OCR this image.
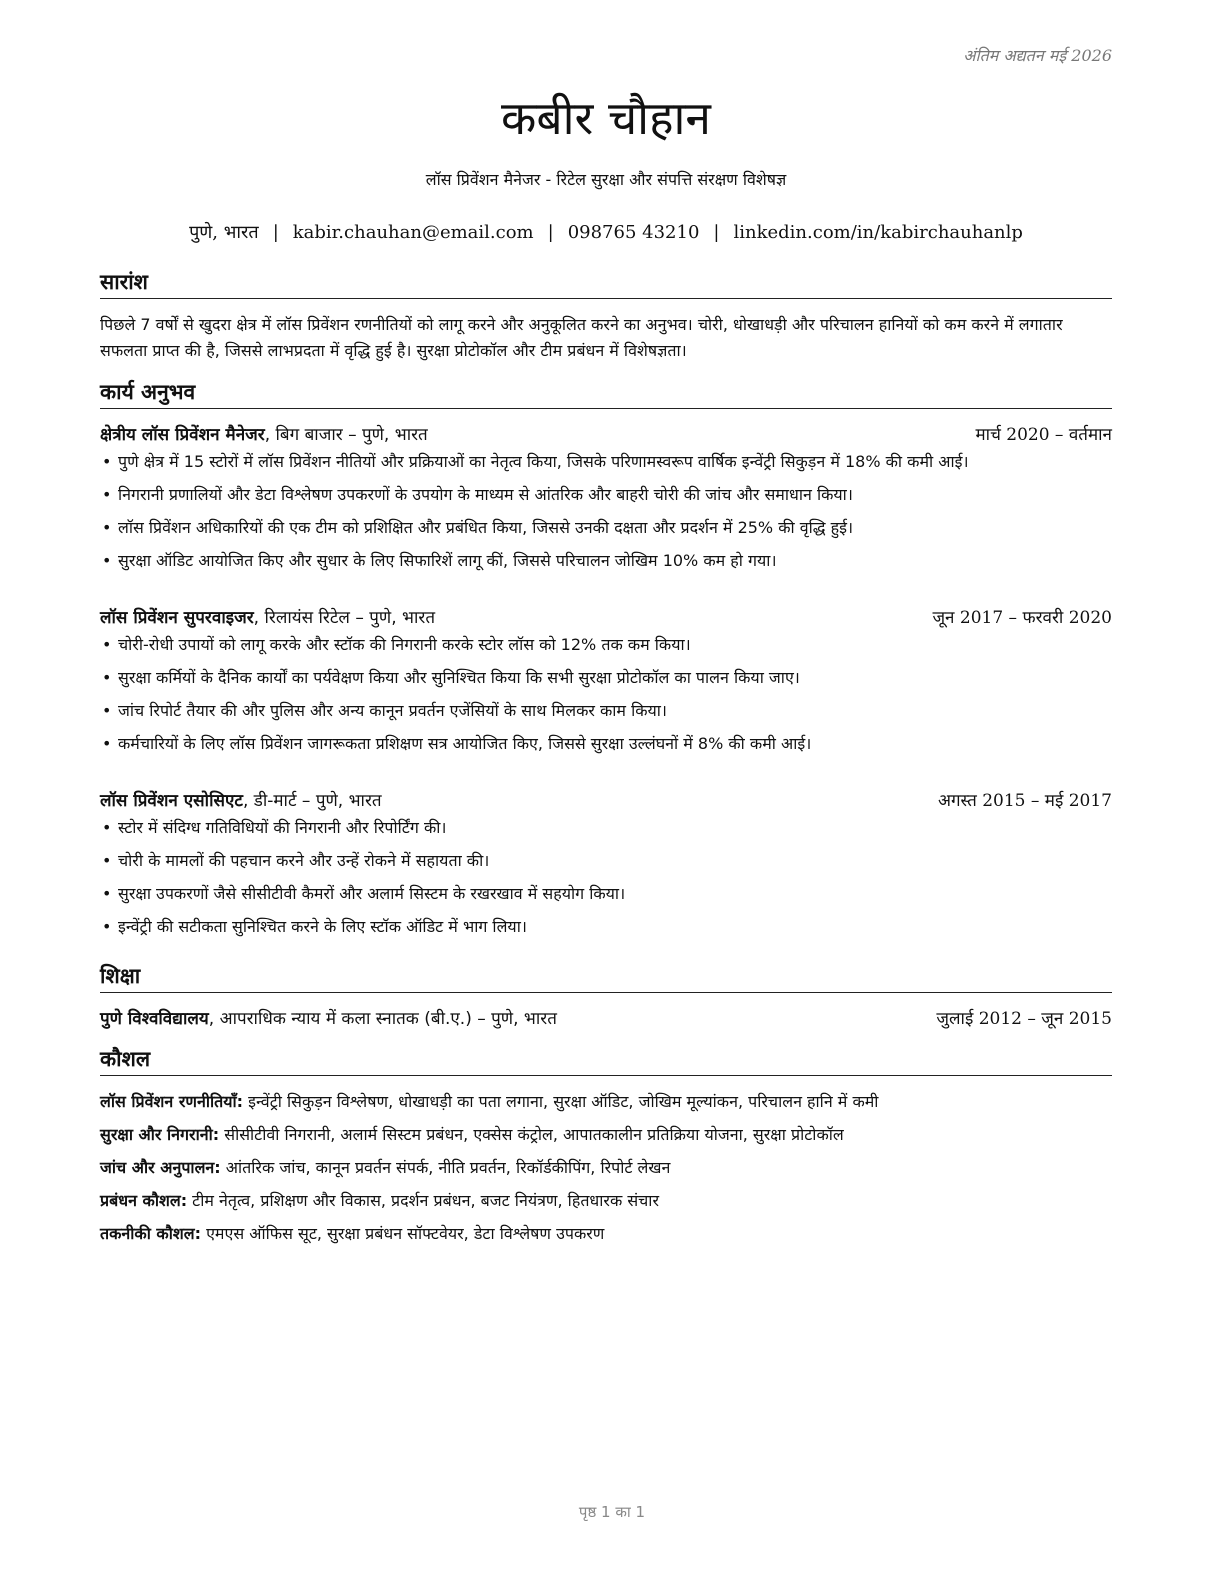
अंतिम अद्यतन मई 2026
कबीर चौहान
लॉस प्रिवेंशन मैनेजर - रिटेल सुरक्षा और संपत्ति संरक्षण विशेषज्ञ
पुणे, भारत | kabir.chauhan@email.com | 098765 43210 | linkedin.com/in/kabirchauhanlp
सारांश
पिछले 7 वर्षों से खुदरा क्षेत्र में लॉस प्रिवेंशन रणनीतियों को लागू करने और अनुकूलित करने का अनुभव। चोरी, धोखाधड़ी और परिचालन हानियों को कम करने में लगातार सफलता प्राप्त की है, जिससे लाभप्रदता में वृद्धि हुई है। सुरक्षा प्रोटोकॉल और टीम प्रबंधन में विशेषज्ञता।
कार्य अनुभव
क्षेत्रीय लॉस प्रिवेंशन मैनेजर, बिग बाजार – पुणे, भारत	मार्च 2020 – वर्तमान
• पुणे क्षेत्र में 15 स्टोरों में लॉस प्रिवेंशन नीतियों और प्रक्रियाओं का नेतृत्व किया, जिसके परिणामस्वरूप वार्षिक इन्वेंट्री सिकुड़न में 18% की कमी आई।
• निगरानी प्रणालियों और डेटा विश्लेषण उपकरणों के उपयोग के माध्यम से आंतरिक और बाहरी चोरी की जांच और समाधान किया।
• लॉस प्रिवेंशन अधिकारियों की एक टीम को प्रशिक्षित और प्रबंधित किया, जिससे उनकी दक्षता और प्रदर्शन में 25% की वृद्धि हुई।
• सुरक्षा ऑडिट आयोजित किए और सुधार के लिए सिफारिशें लागू कीं, जिससे परिचालन जोखिम 10% कम हो गया।
लॉस प्रिवेंशन सुपरवाइजर, रिलायंस रिटेल – पुणे, भारत	जून 2017 – फरवरी 2020
• चोरी-रोधी उपायों को लागू करके और स्टॉक की निगरानी करके स्टोर लॉस को 12% तक कम किया।
• सुरक्षा कर्मियों के दैनिक कार्यों का पर्यवेक्षण किया और सुनिश्चित किया कि सभी सुरक्षा प्रोटोकॉल का पालन किया जाए।
• जांच रिपोर्ट तैयार की और पुलिस और अन्य कानून प्रवर्तन एजेंसियों के साथ मिलकर काम किया।
• कर्मचारियों के लिए लॉस प्रिवेंशन जागरूकता प्रशिक्षण सत्र आयोजित किए, जिससे सुरक्षा उल्लंघनों में 8% की कमी आई।
लॉस प्रिवेंशन एसोसिएट, डी-मार्ट – पुणे, भारत	अगस्त 2015 – मई 2017
• स्टोर में संदिग्ध गतिविधियों की निगरानी और रिपोर्टिंग की।
• चोरी के मामलों की पहचान करने और उन्हें रोकने में सहायता की।
• सुरक्षा उपकरणों जैसे सीसीटीवी कैमरों और अलार्म सिस्टम के रखरखाव में सहयोग किया।
• इन्वेंट्री की सटीकता सुनिश्चित करने के लिए स्टॉक ऑडिट में भाग लिया।
शिक्षा
पुणे विश्वविद्यालय, आपराधिक न्याय में कला स्नातक (बी.ए.) – पुणे, भारत	जुलाई 2012 – जून 2015
कौशल
लॉस प्रिवेंशन रणनीतियाँ: इन्वेंट्री सिकुड़न विश्लेषण, धोखाधड़ी का पता लगाना, सुरक्षा ऑडिट, जोखिम मूल्यांकन, परिचालन हानि में कमी
सुरक्षा और निगरानी: सीसीटीवी निगरानी, अलार्म सिस्टम प्रबंधन, एक्सेस कंट्रोल, आपातकालीन प्रतिक्रिया योजना, सुरक्षा प्रोटोकॉल
जांच और अनुपालन: आंतरिक जांच, कानून प्रवर्तन संपर्क, नीति प्रवर्तन, रिकॉर्डकीपिंग, रिपोर्ट लेखन
प्रबंधन कौशल: टीम नेतृत्व, प्रशिक्षण और विकास, प्रदर्शन प्रबंधन, बजट नियंत्रण, हितधारक संचार
तकनीकी कौशल: एमएस ऑफिस सूट, सुरक्षा प्रबंधन सॉफ्टवेयर, डेटा विश्लेषण उपकरण
पृष्ठ 1 का 1
